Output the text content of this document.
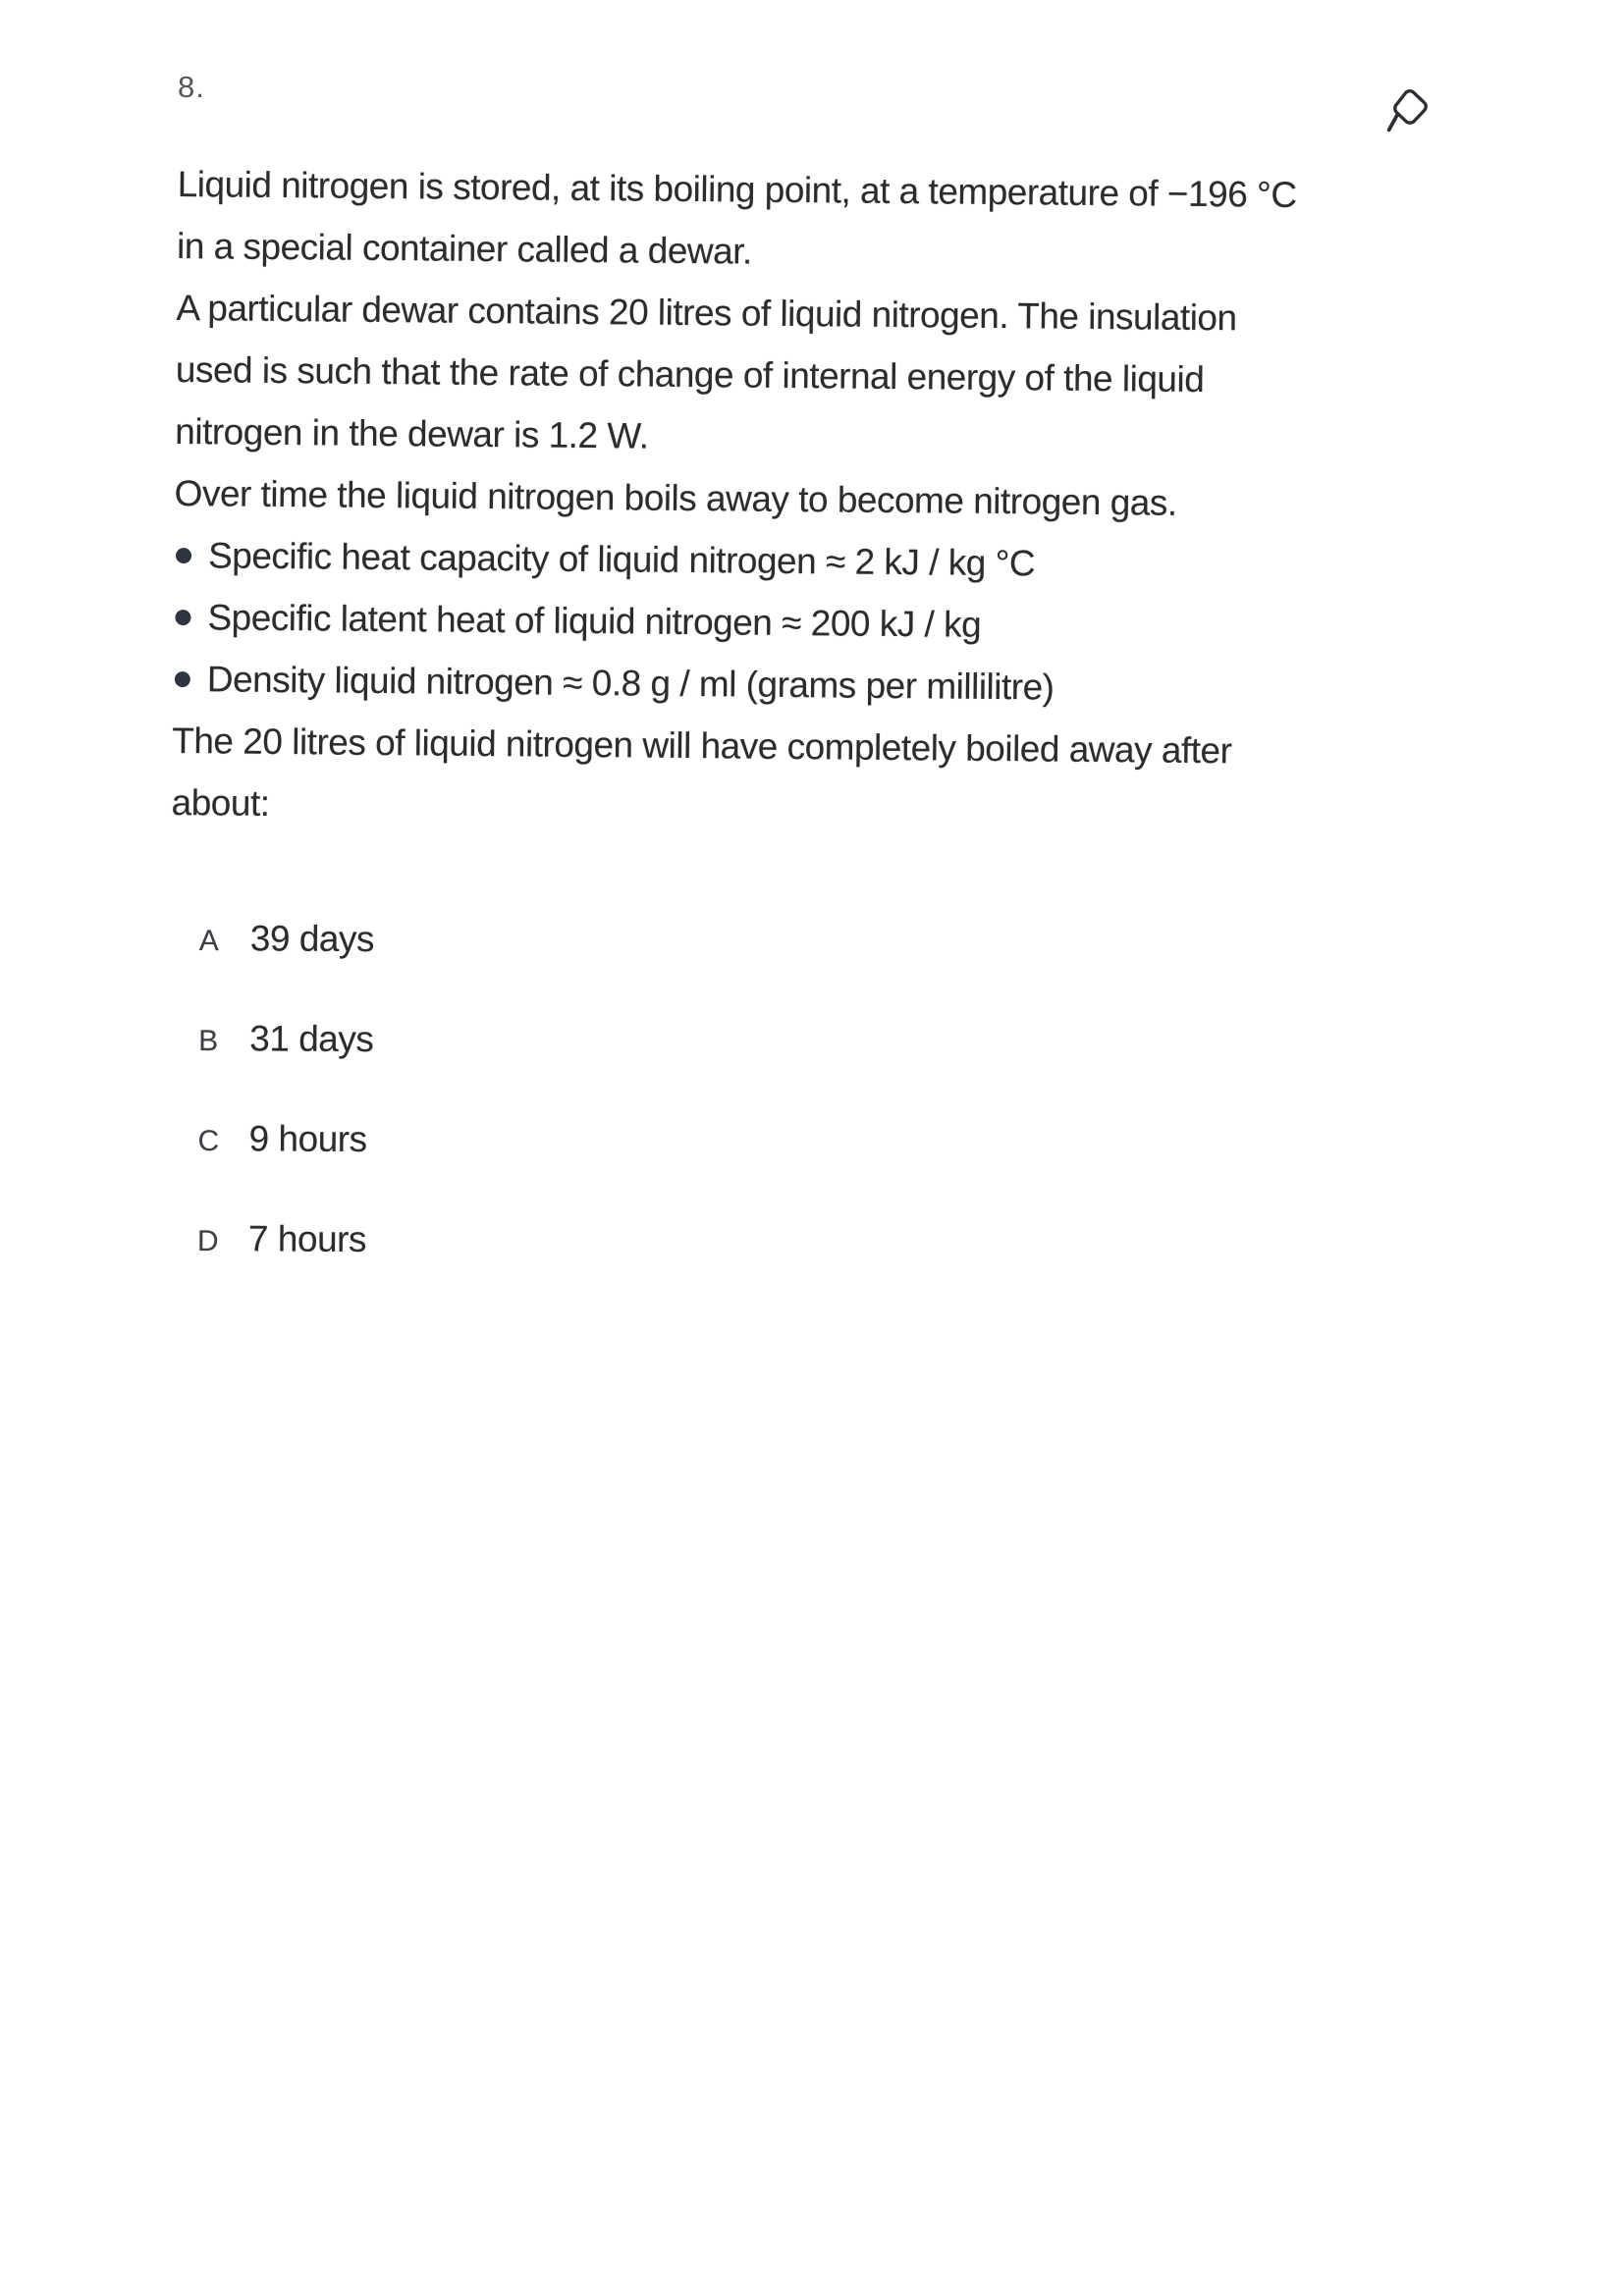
8.
Liquid nitrogen is stored, at its boiling point, at a temperature of −196 °C
in a special container called a dewar.
A particular dewar contains 20 litres of liquid nitrogen. The insulation
used is such that the rate of change of internal energy of the liquid
nitrogen in the dewar is 1.2 W.
Over time the liquid nitrogen boils away to become nitrogen gas.
Specific heat capacity of liquid nitrogen ≈ 2 kJ / kg °C
Specific latent heat of liquid nitrogen ≈ 200 kJ / kg
Density liquid nitrogen ≈ 0.8 g / ml (grams per millilitre)
The 20 litres of liquid nitrogen will have completely boiled away after
about:
A 39 days
B 31 days
C 9 hours
D 7 hours
